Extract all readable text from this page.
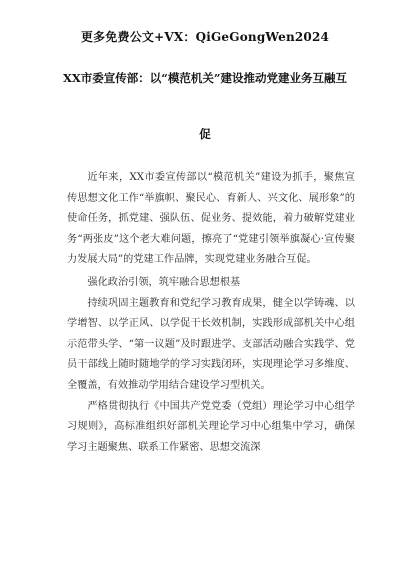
更多免费公文+VX：QiGeGongWen2024
XX市委宣传部：以“模范机关”建设推动党建业务互融互
促

近年来，XX市委宣传部以“模范机关”建设为抓手，聚焦宣传思想文化工作“举旗帜、聚民心、育新人、兴文化、展形象”的使命任务，抓党建、强队伍、促业务、提效能，着力破解党建业务“两张皮”这个老大难问题，擦亮了“党建引领举旗凝心·宣传聚力发展大局”的党建工作品牌，实现党建业务融合互促。

强化政治引领，筑牢融合思想根基

持续巩固主题教育和党纪学习教育成果，健全以学铸魂、以学增智、以学正风、以学促干长效机制，实践形成部机关中心组示范带头学、“第一议题”及时跟进学、支部活动融合实践学、党员干部线上随时随地学的学习实践闭环，实现理论学习多维度、全覆盖，有效推动学用结合建设学习型机关。

严格贯彻执行《中国共产党党委（党组）理论学习中心组学习规则》，高标准组织好部机关理论学习中心组集中学习，确保学习主题聚焦、联系工作紧密、思想交流深
